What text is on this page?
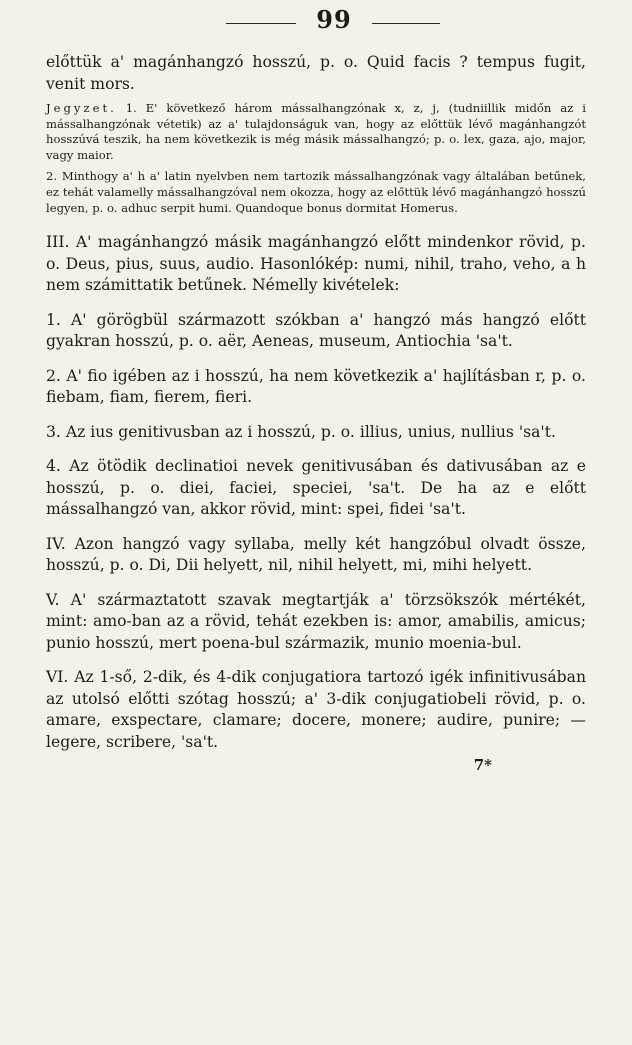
99

előttük a' magánhangzó hosszú, p. o. Quid facis ? tempus fugit, venit mors.

Jegyzet. 1. E' következő három mássalhangzónak x, z, j, (tudniillik midőn az i mássalhangzónak vétetik) az a' tulajdonságuk van, hogy az előttük lévő magánhangzót hosszúvá teszik, ha nem következik is még másik mássalhangzó; p. o. lex, gaza, ajo, major, vagy maior.

2. Minthogy a' h a' latin nyelvben nem tartozik mássalhangzónak vagy általában betűnek, ez tehát valamelly mássalhangzóval nem okozza, hogy az előttük lévő magánhangzó hosszú legyen, p. o. adhuc serpit humi. Quandoque bonus dormitat Homerus.

III. A' magánhangzó másik magánhangzó előtt mindenkor rövid, p. o. Deus, pius, suus, audio. Hasonlókép: numi, nihil, traho, veho, a h nem számittatik betűnek. Némelly kivételek:

1. A' görögbül származott szókban a' hangzó más hangzó előtt gyakran hosszú, p. o. aër, Aeneas, museum, Antiochia 'sa't.

2. A' fio igében az i hosszú, ha nem következik a' hajlításban r, p. o. fiebam, fiam, fierem, fieri.

3. Az ius genitivusban az i hosszú, p. o. illius, unius, nullius 'sa't.

4. Az ötödik declinatioi nevek genitivusában és dativusában az e hosszú, p. o. diei, faciei, speciei, 'sa't. De ha az e előtt mássalhangzó van, akkor rövid, mint: spei, fidei 'sa't.

IV. Azon hangzó vagy syllaba, melly két hangzóbul olvadt össze, hosszú, p. o. Di, Dii helyett, nil, nihil helyett, mi, mihi helyett.

V. A' származtatott szavak megtartják a' törzsökszók mértékét, mint: amo-ban az a rövid, tehát ezekben is: amor, amabilis, amicus; punio hosszú, mert poena-bul származik, munio moenia-bul.

VI. Az 1-ső, 2-dik, és 4-dik conjugatiora tartozó igék infinitivusában az utolsó előtti szótag hosszú; a' 3-dik conjugatiobeli rövid, p. o. amare, exspectare, clamare; docere, monere; audire, punire; — legere, scribere, 'sa't.

7*
